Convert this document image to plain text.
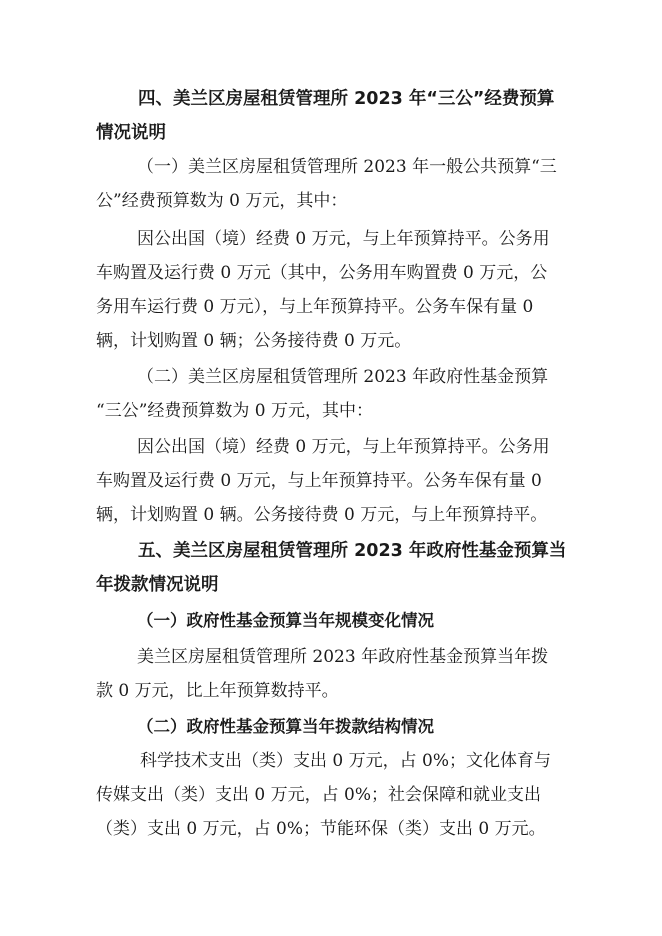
四、美兰区房屋租赁管理所 2023 年“三公”经费预算
情况说明
（一）美兰区房屋租赁管理所 2023 年一般公共预算“三
公”经费预算数为 0 万元，其中：
因公出国（境）经费 0 万元，与上年预算持平。公务用
车购置及运行费 0 万元（其中，公务用车购置费 0 万元，公
务用车运行费 0 万元），与上年预算持平。公务车保有量 0
辆，计划购置 0 辆；公务接待费 0 万元。
（二）美兰区房屋租赁管理所 2023 年政府性基金预算
“三公”经费预算数为 0 万元，其中：
因公出国（境）经费 0 万元，与上年预算持平。公务用
车购置及运行费 0 万元，与上年预算持平。公务车保有量 0
辆，计划购置 0 辆。公务接待费 0 万元，与上年预算持平。
五、美兰区房屋租赁管理所 2023 年政府性基金预算当
年拨款情况说明
（一）政府性基金预算当年规模变化情况
美兰区房屋租赁管理所 2023 年政府性基金预算当年拨
款 0 万元，比上年预算数持平。
（二）政府性基金预算当年拨款结构情况
科学技术支出（类）支出 0 万元，占 0%；文化体育与
传媒支出（类）支出 0 万元，占 0%；社会保障和就业支出
（类）支出 0 万元，占 0%；节能环保（类）支出 0 万元。
